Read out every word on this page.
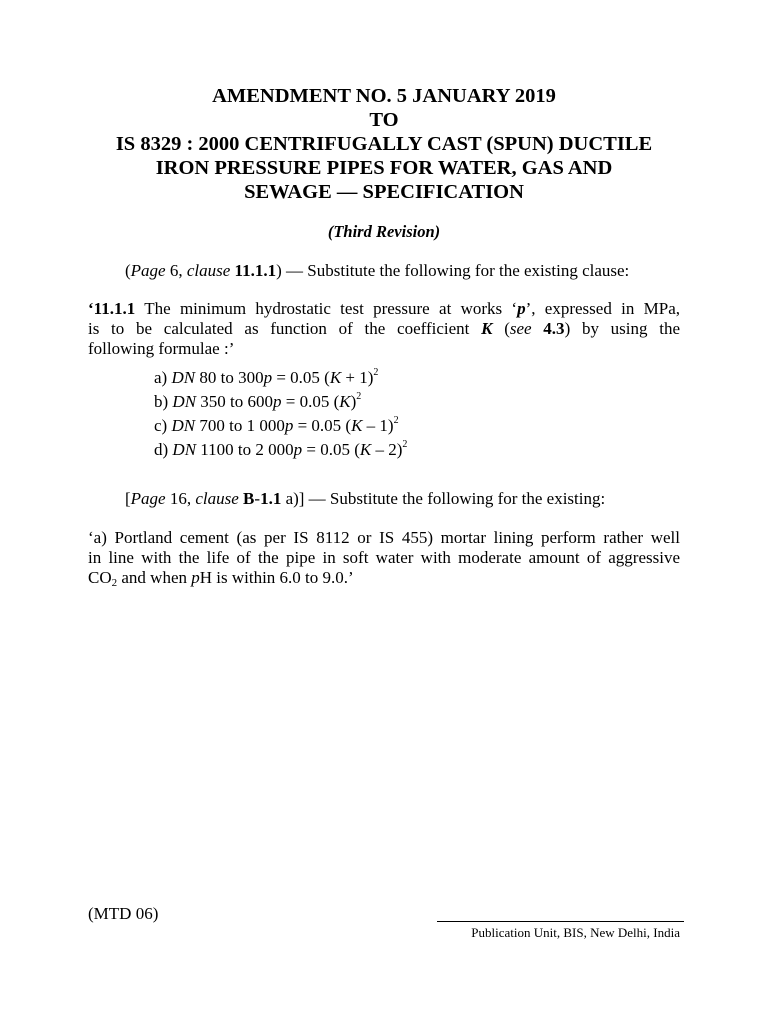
AMENDMENT NO. 5 JANUARY 2019
TO
IS 8329 : 2000 CENTRIFUGALLY CAST (SPUN) DUCTILE
IRON PRESSURE PIPES FOR WATER, GAS AND
SEWAGE — SPECIFICATION
(Third Revision)
(Page 6, clause 11.1.1) — Substitute the following for the existing clause:
‘11.1.1 The minimum hydrostatic test pressure at works ‘p’, expressed in MPa,
is to be calculated as function of the coefficient K (see 4.3) by using the
following formulae :’
a) DN 80 to 300p = 0.05 $(K + 1)^2$
b) DN 350 to 600p = 0.05 $(K)^2$
c) DN 700 to 1 000p = 0.05 (K – 1)$^2$
d) DN 1100 to 2 000p = 0.05 (K – 2)$^2$
[Page 16, clause B-1.1 a)] — Substitute the following for the existing:
‘a) Portland cement (as per IS 8112 or IS 455) mortar lining perform rather well
in line with the life of the pipe in soft water with moderate amount of aggressive
$CO_2$ and when pH is within 6.0 to 9.0.’
(MTD 06)
Publication Unit, BIS, New Delhi, India
